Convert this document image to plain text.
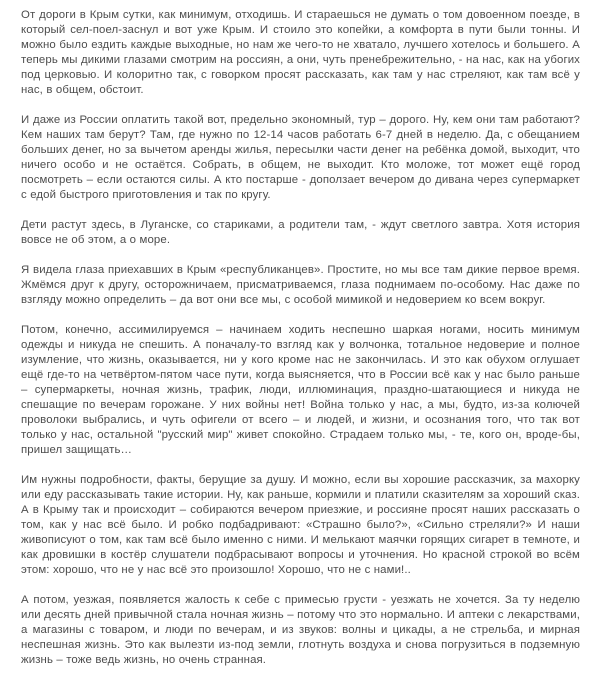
От дороги в Крым сутки, как минимум, отходишь. И стараешься не думать о том довоенном поезде, в который сел-поел-заснул и вот уже Крым. И стоило это копейки, а комфорта в пути были тонны. И можно было ездить каждые выходные, но нам же чего-то не хватало, лучшего хотелось и большего. А теперь мы дикими глазами смотрим на россиян, а они, чуть пренебрежительно, - на нас, как на убогих под церковью. И колоритно так, с говорком просят рассказать, как там у нас стреляют, как там всё у нас, в общем, обстоит.

И даже из России оплатить такой вот, предельно экономный, тур – дорого. Ну, кем они там работают? Кем наших там берут? Там, где нужно по 12-14 часов работать 6-7 дней в неделю. Да, с обещанием больших денег, но за вычетом аренды жилья, пересылки части денег на ребёнка домой, выходит, что ничего особо и не остаётся. Собрать, в общем, не выходит. Кто моложе, тот может ещё город посмотреть – если остаются силы. А кто постарше - доползает вечером до дивана через супермаркет с едой быстрого приготовления и так по кругу.

Дети растут здесь, в Луганске, со стариками, а родители там, - ждут светлого завтра. Хотя история вовсе не об этом, а о море.

Я видела глаза приехавших в Крым «республиканцев». Простите, но мы все там дикие первое время. Жмёмся друг к другу, осторожничаем, присматриваемся, глаза поднимаем по-особому. Нас даже по взгляду можно определить – да вот они все мы, с особой мимикой и недоверием ко всем вокруг.

Потом, конечно, ассимилируемся – начинаем ходить неспешно шаркая ногами, носить минимум одежды и никуда не спешить. А поначалу-то взгляд как у волчонка, тотальное недоверие и полное изумление, что жизнь, оказывается, ни у кого кроме нас не закончилась. И это как обухом оглушает ещё где-то на четвёртом-пятом часе пути, когда выясняется, что в России всё как у нас было раньше – супермаркеты, ночная жизнь, трафик, люди, иллюминация, праздно-шатающиеся и никуда не спешащие по вечерам горожане. У них войны нет! Война только у нас, а мы, будто, из-за колючей проволоки выбрались, и чуть офигели от всего – и людей, и жизни, и осознания того, что так вот только у нас, остальной "русский мир" живет спокойно. Страдаем только мы, - те, кого он, вроде-бы, пришел защищать…

Им нужны подробности, факты, берущие за душу. И можно, если вы хорошие рассказчик, за махорку или еду рассказывать такие истории. Ну, как раньше, кормили и платили сказителям за хороший сказ. А в Крыму так и происходит – собираются вечером приезжие, и россияне просят наших рассказать о том, как у нас всё было. И робко подбадривают: «Страшно было?», «Сильно стреляли?» И наши живописуют о том, как там всё было именно с ними. И мелькают маячки горящих сигарет в темноте, и как дровишки в костёр слушатели подбрасывают вопросы и уточнения. Но красной строкой во всём этом: хорошо, что не у нас всё это произошло! Хорошо, что не с нами!..

А потом, уезжая, появляется жалость к себе с примесью грусти - уезжать не хочется. За ту неделю или десять дней привычной стала ночная жизнь – потому что это нормально. И аптеки с лекарствами, а магазины с товаром, и люди по вечерам, и из звуков: волны и цикады, а не стрельба, и мирная неспешная жизнь. Это как вылезти из-под земли, глотнуть воздуха и снова погрузиться в подземную жизнь – тоже ведь жизнь, но очень странная.
